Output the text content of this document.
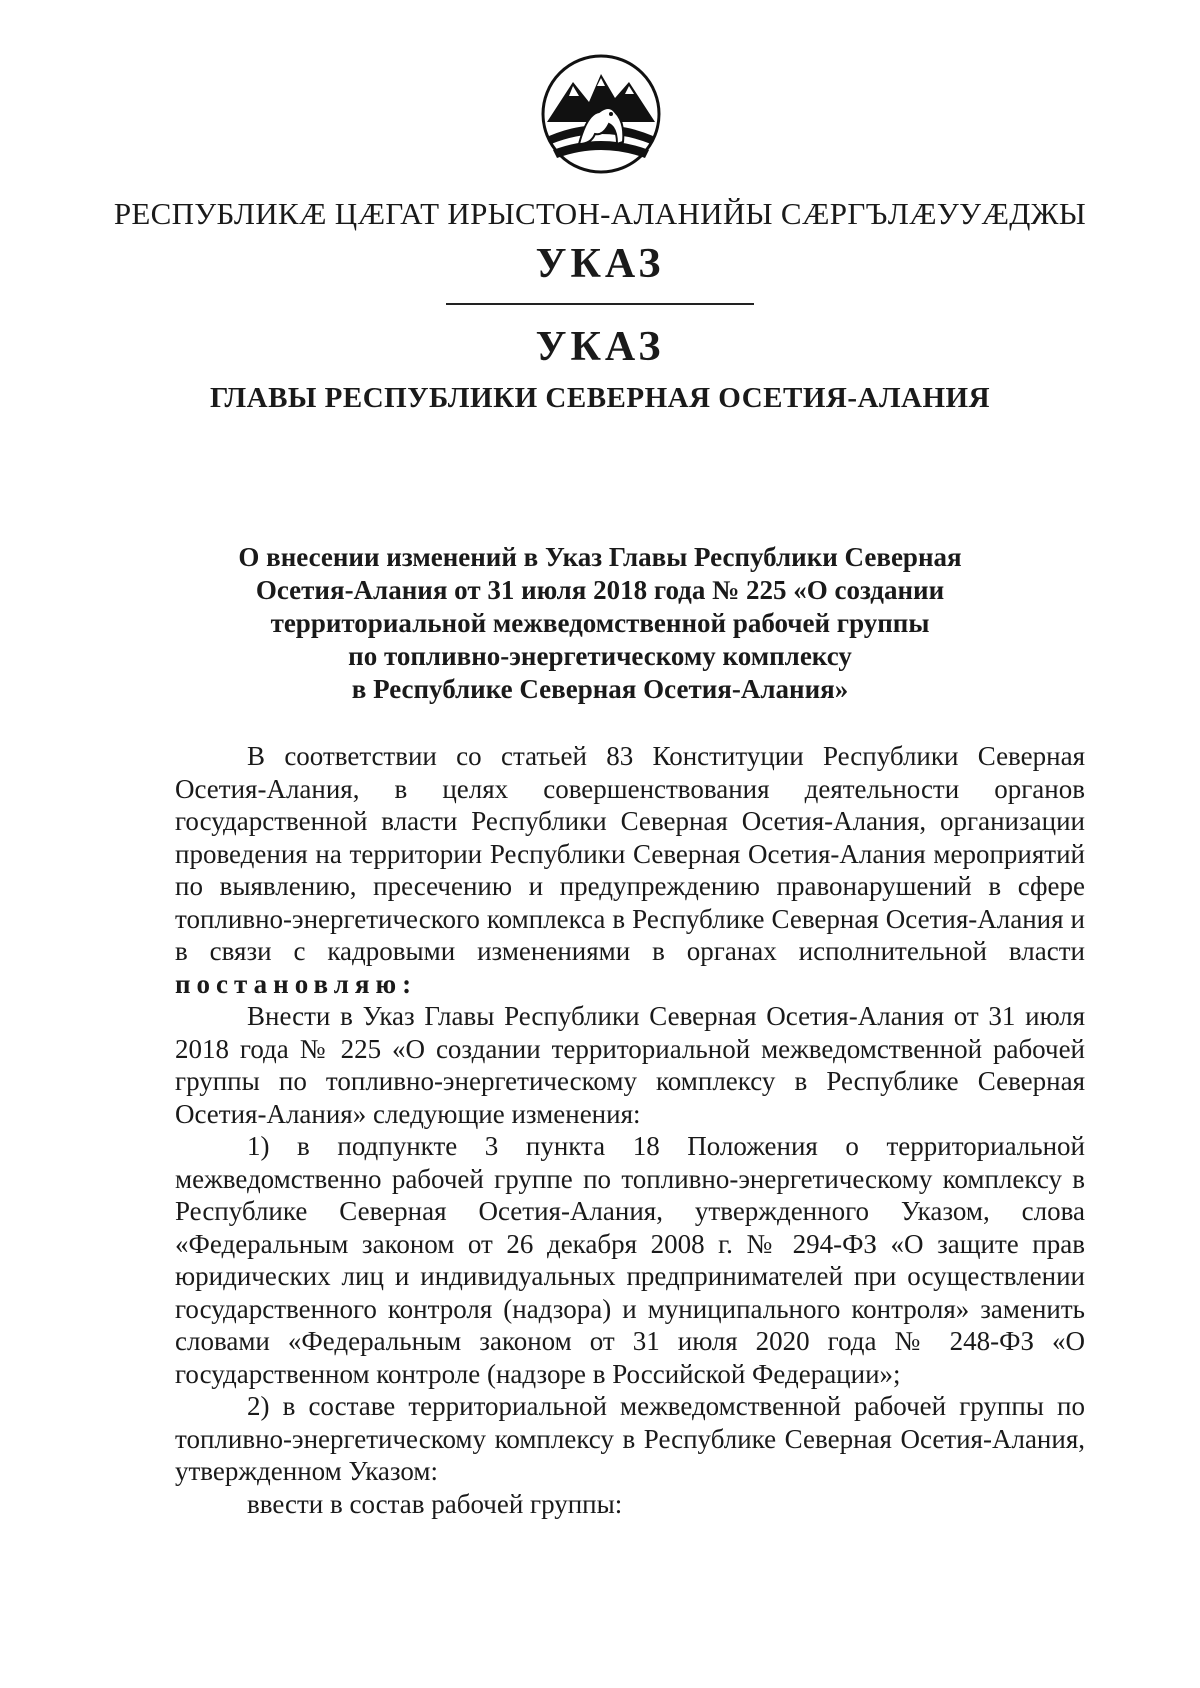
РЕСПУБЛИКÆ ЦÆГАТ ИРЫСТОН-АЛАНИЙЫ СÆРГЪЛÆУУÆДЖЫ
УКАЗ
УКАЗ
ГЛАВЫ РЕСПУБЛИКИ СЕВЕРНАЯ ОСЕТИЯ-АЛАНИЯ
О внесении изменений в Указ Главы Республики Северная
Осетия-Алания от 31 июля 2018 года № 225 «О создании
территориальной межведомственной рабочей группы
по топливно-энергетическому комплексу
в Республике Северная Осетия-Алания»

В соответствии со статьей 83 Конституции Республики Северная Осетия-Алания, в целях совершенствования деятельности органов государственной власти Республики Северная Осетия-Алания, организации проведения на территории Республики Северная Осетия-Алания мероприятий по выявлению, пресечению и предупреждению правонарушений в сфере топливно-энергетического комплекса в Республике Северная Осетия-Алания и в связи с кадровыми изменениями в органах исполнительной власти постановляю:

Внести в Указ Главы Республики Северная Осетия-Алания от 31 июля 2018 года № 225 «О создании территориальной межведомственной рабочей группы по топливно-энергетическому комплексу в Республике Северная Осетия-Алания» следующие изменения:

1) в подпункте 3 пункта 18 Положения о территориальной межведомственно рабочей группе по топливно-энергетическому комплексу в Республике Северная Осетия-Алания, утвержденного Указом, слова «Федеральным законом от 26 декабря 2008 г. № 294-ФЗ «О защите прав юридических лиц и индивидуальных предпринимателей при осуществлении государственного контроля (надзора) и муниципального контроля» заменить словами «Федеральным законом от 31 июля 2020 года № 248-ФЗ «О государственном контроле (надзоре в Российской Федерации»;

2) в составе территориальной межведомственной рабочей группы по топливно-энергетическому комплексу в Республике Северная Осетия-Алания, утвержденном Указом:

ввести в состав рабочей группы:
